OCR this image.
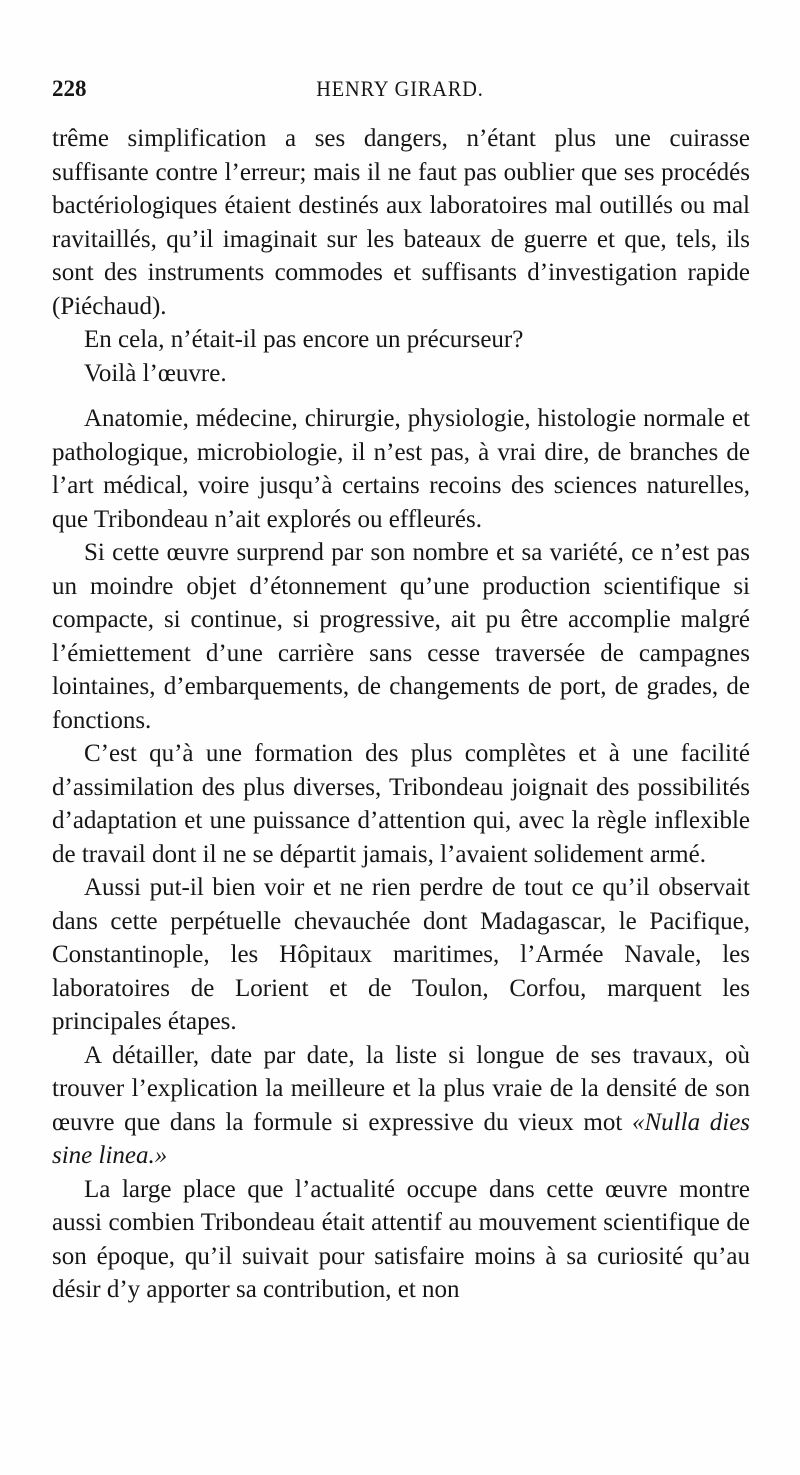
228	HENRY GIRARD.

trême simplification a ses dangers, n’étant plus une cuirasse suffisante contre l’erreur; mais il ne faut pas oublier que ses procédés bactériologiques étaient destinés aux laboratoires mal outillés ou mal ravitaillés, qu’il imaginait sur les bateaux de guerre et que, tels, ils sont des instruments commodes et suffisants d’investigation rapide (Piéchaud).

En cela, n’était-il pas encore un précurseur?

Voilà l’œuvre.

Anatomie, médecine, chirurgie, physiologie, histologie normale et pathologique, microbiologie, il n’est pas, à vrai dire, de branches de l’art médical, voire jusqu’à certains recoins des sciences naturelles, que Tribondeau n’ait explorés ou effleurés.

Si cette œuvre surprend par son nombre et sa variété, ce n’est pas un moindre objet d’étonnement qu’une production scientifique si compacte, si continue, si progressive, ait pu être accomplie malgré l’émiettement d’une carrière sans cesse traversée de campagnes lointaines, d’embarquements, de changements de port, de grades, de fonctions.

C’est qu’à une formation des plus complètes et à une facilité d’assimilation des plus diverses, Tribondeau joignait des possibilités d’adaptation et une puissance d’attention qui, avec la règle inflexible de travail dont il ne se départit jamais, l’avaient solidement armé.

Aussi put-il bien voir et ne rien perdre de tout ce qu’il observait dans cette perpétuelle chevauchée dont Madagascar, le Pacifique, Constantinople, les Hôpitaux maritimes, l’Armée Navale, les laboratoires de Lorient et de Toulon, Corfou, marquent les principales étapes.

A détailler, date par date, la liste si longue de ses travaux, où trouver l’explication la meilleure et la plus vraie de la densité de son œuvre que dans la formule si expressive du vieux mot «Nulla dies sine linea.»

La large place que l’actualité occupe dans cette œuvre montre aussi combien Tribondeau était attentif au mouvement scientifique de son époque, qu’il suivait pour satisfaire moins à sa curiosité qu’au désir d’y apporter sa contribution, et non
